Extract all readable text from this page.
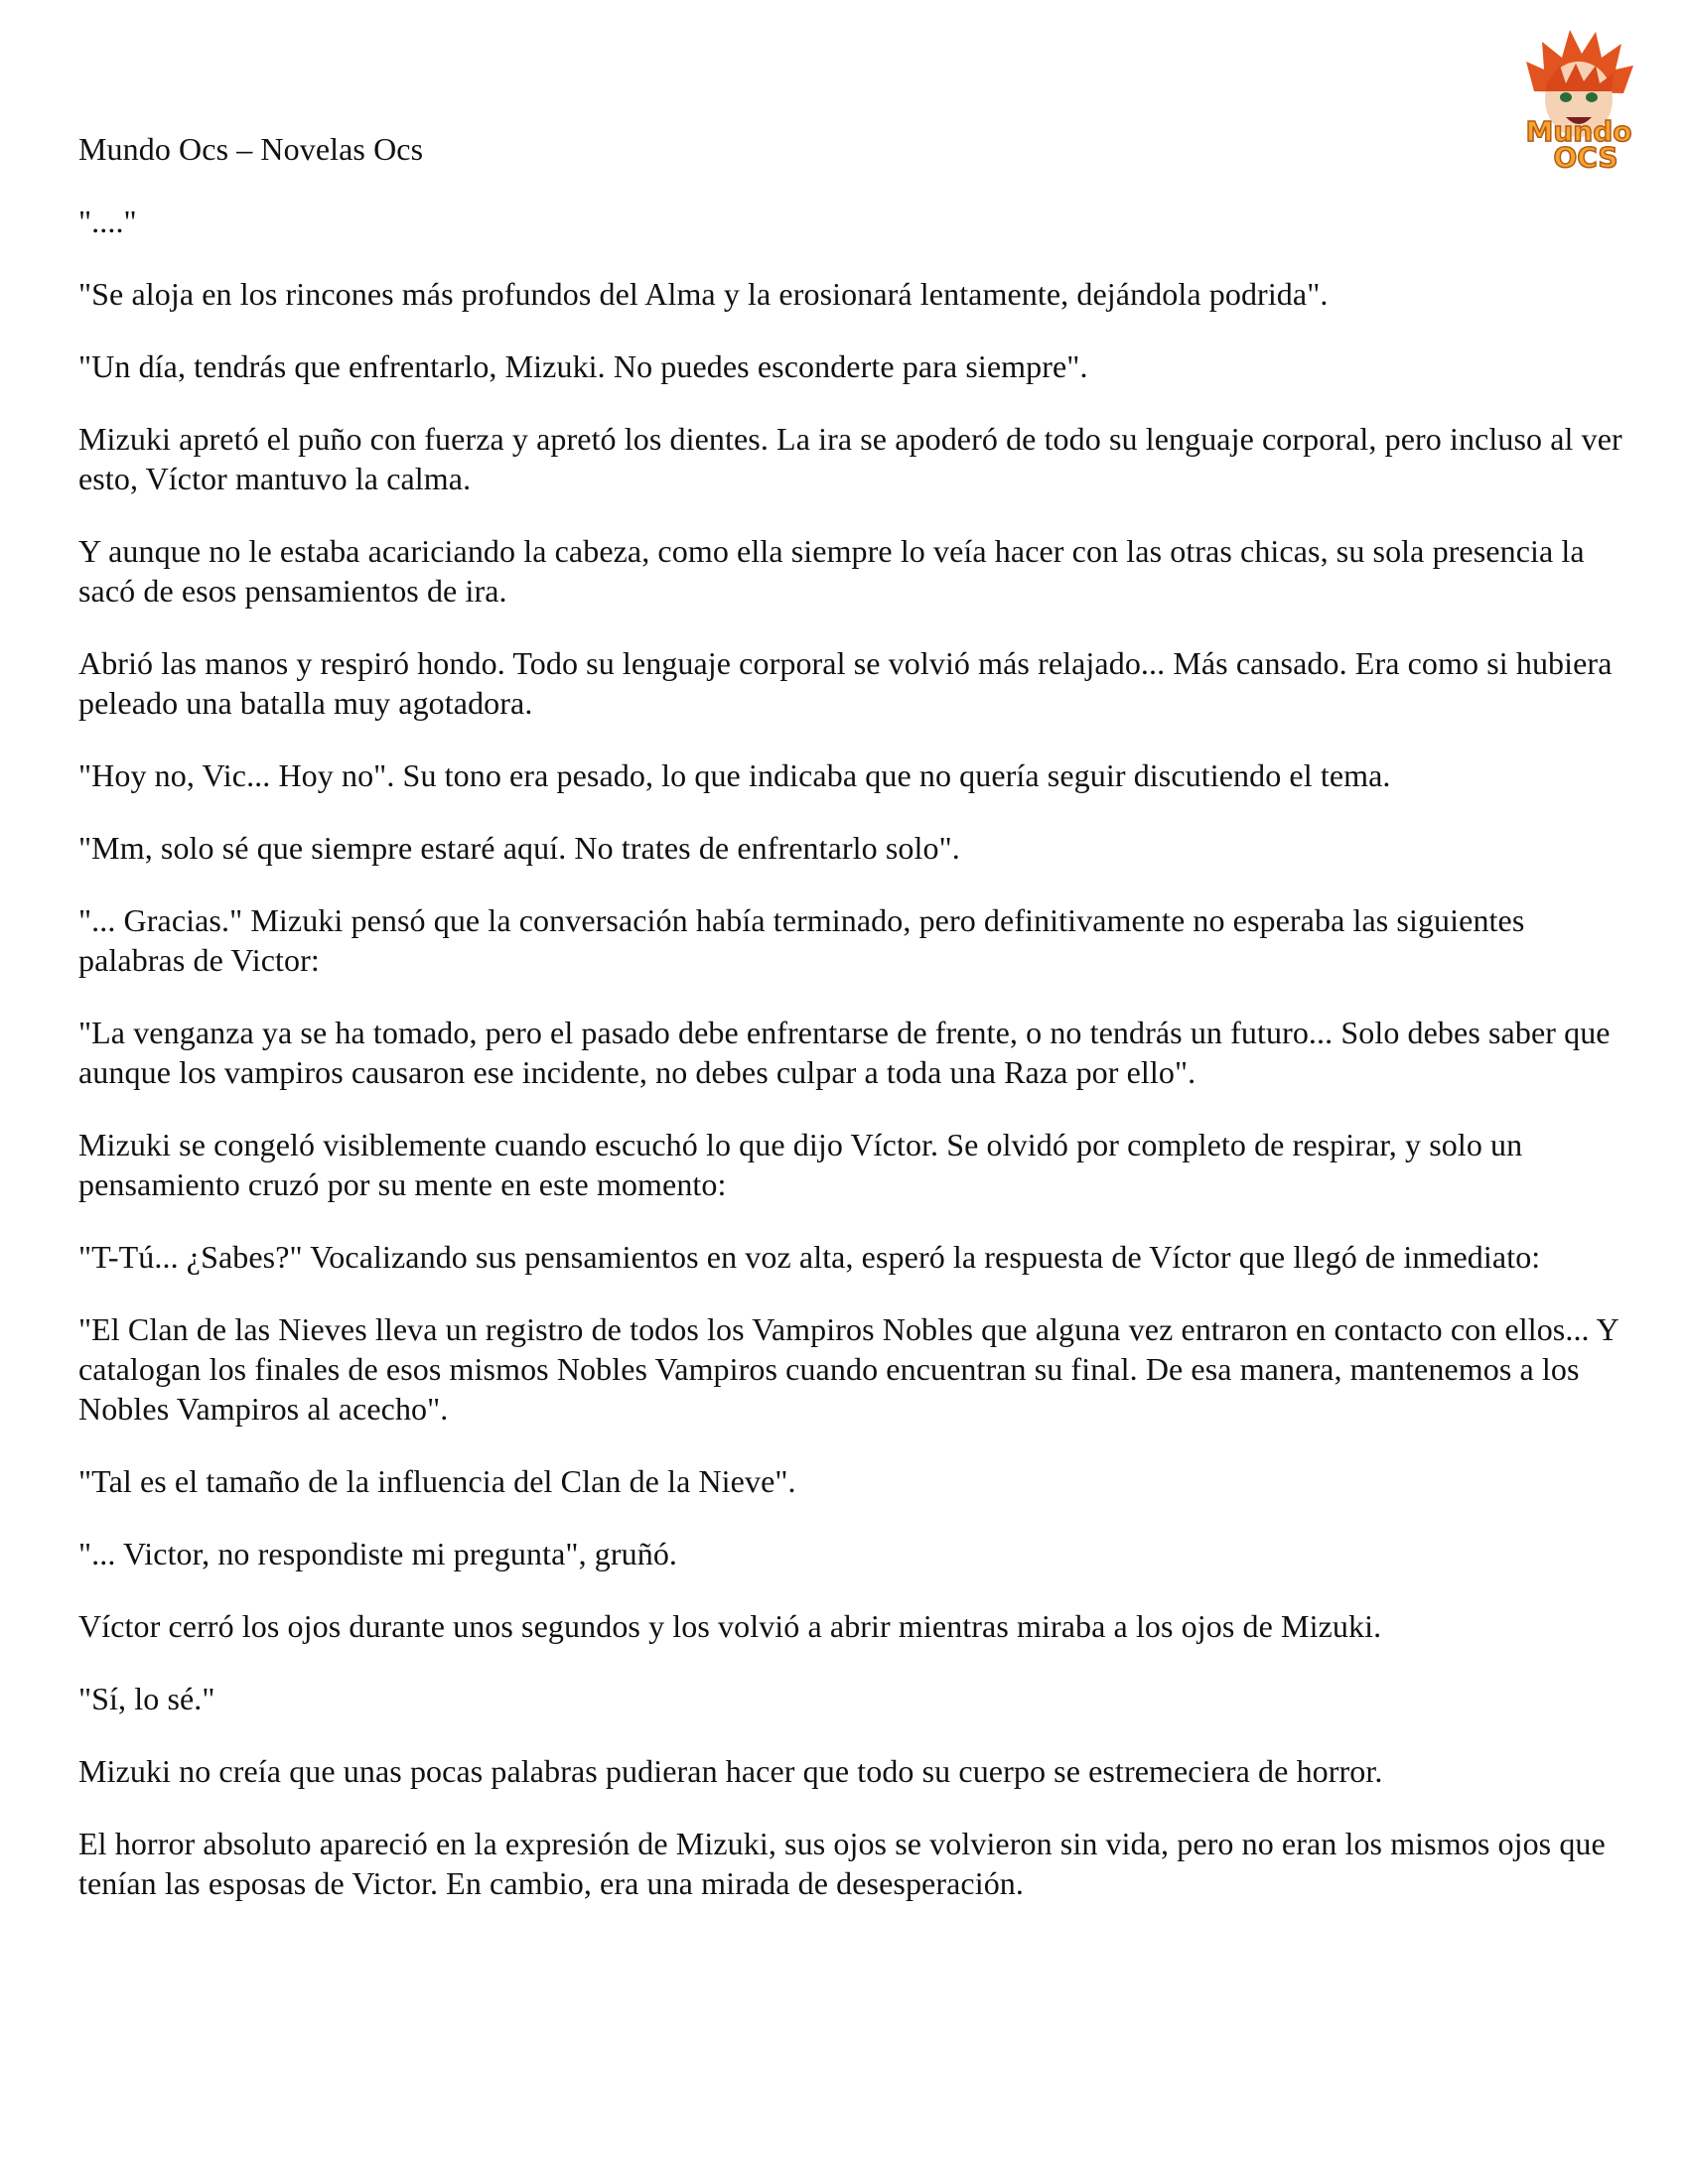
Mundo
OCS

Mundo Ocs – Novelas Ocs

"...."

"Se aloja en los rincones más profundos del Alma y la erosionará lentamente, dejándola podrida".

"Un día, tendrás que enfrentarlo, Mizuki. No puedes esconderte para siempre".

Mizuki apretó el puño con fuerza y apretó los dientes. La ira se apoderó de todo su lenguaje corporal, pero incluso al ver esto, Víctor mantuvo la calma.

Y aunque no le estaba acariciando la cabeza, como ella siempre lo veía hacer con las otras chicas, su sola presencia la sacó de esos pensamientos de ira.

Abrió las manos y respiró hondo. Todo su lenguaje corporal se volvió más relajado... Más cansado. Era como si hubiera peleado una batalla muy agotadora.

"Hoy no, Vic... Hoy no". Su tono era pesado, lo que indicaba que no quería seguir discutiendo el tema.

"Mm, solo sé que siempre estaré aquí. No trates de enfrentarlo solo".

"... Gracias." Mizuki pensó que la conversación había terminado, pero definitivamente no esperaba las siguientes palabras de Victor:

"La venganza ya se ha tomado, pero el pasado debe enfrentarse de frente, o no tendrás un futuro... Solo debes saber que aunque los vampiros causaron ese incidente, no debes culpar a toda una Raza por ello".

Mizuki se congeló visiblemente cuando escuchó lo que dijo Víctor. Se olvidó por completo de respirar, y solo un pensamiento cruzó por su mente en este momento:

"T-Tú... ¿Sabes?" Vocalizando sus pensamientos en voz alta, esperó la respuesta de Víctor que llegó de inmediato:

"El Clan de las Nieves lleva un registro de todos los Vampiros Nobles que alguna vez entraron en contacto con ellos... Y catalogan los finales de esos mismos Nobles Vampiros cuando encuentran su final. De esa manera, mantenemos a los Nobles Vampiros al acecho".

"Tal es el tamaño de la influencia del Clan de la Nieve".

"... Victor, no respondiste mi pregunta", gruñó.

Víctor cerró los ojos durante unos segundos y los volvió a abrir mientras miraba a los ojos de Mizuki.

"Sí, lo sé."

Mizuki no creía que unas pocas palabras pudieran hacer que todo su cuerpo se estremeciera de horror.

El horror absoluto apareció en la expresión de Mizuki, sus ojos se volvieron sin vida, pero no eran los mismos ojos que tenían las esposas de Victor. En cambio, era una mirada de desesperación.
